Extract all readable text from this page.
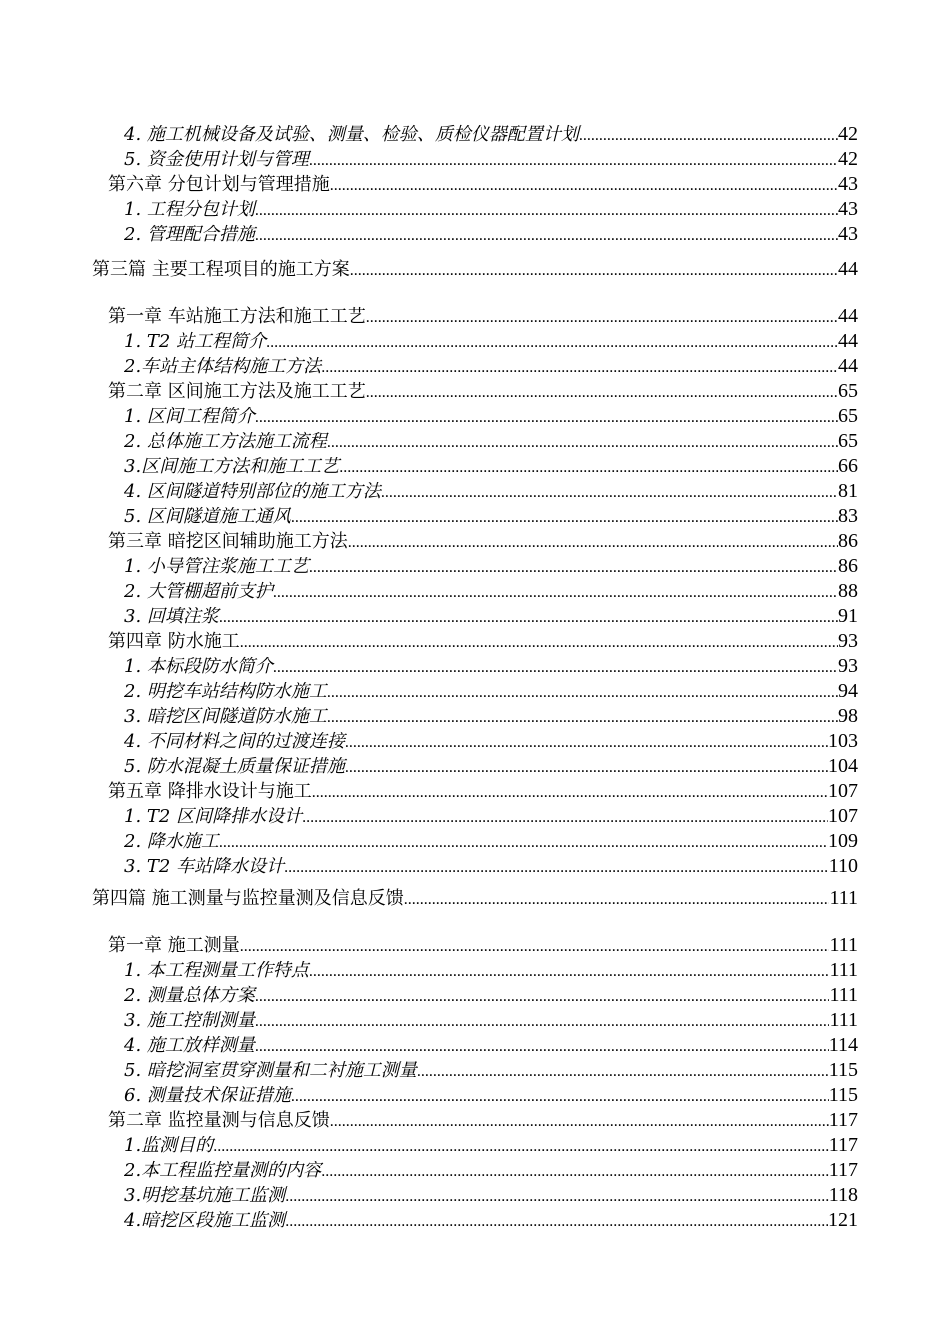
4. 施工机械设备及试验、测量、检验、质检仪器配置计划 .....	42
5. 资金使用计划与管理 .....	42
第六章 分包计划与管理措施 .....	43
1. 工程分包计划 .....	43
2. 管理配合措施 .....	43
第三篇 主要工程项目的施工方案 .....	44
第一章 车站施工方法和施工工艺 .....	44
1. T2 站工程简介 .....	44
2.车站主体结构施工方法 .....	44
第二章 区间施工方法及施工工艺 .....	65
1. 区间工程简介 .....	65
2. 总体施工方法施工流程 .....	65
3.区间施工方法和施工工艺 .....	66
4. 区间隧道特别部位的施工方法 .....	81
5. 区间隧道施工通风 .....	83
第三章 暗挖区间辅助施工方法 .....	86
1. 小导管注浆施工工艺 .....	86
2. 大管棚超前支护 .....	88
3. 回填注浆 .....	91
第四章 防水施工 .....	93
1. 本标段防水简介 .....	93
2. 明挖车站结构防水施工 .....	94
3. 暗挖区间隧道防水施工 .....	98
4. 不同材料之间的过渡连接 .....	103
5. 防水混凝土质量保证措施 .....	104
第五章 降排水设计与施工 .....	107
1. T2 区间降排水设计 .....	107
2. 降水施工 .....	109
3. T2 车站降水设计 .....	110
第四篇 施工测量与监控量测及信息反馈 .....	111
第一章 施工测量 .....	111
1. 本工程测量工作特点 .....	111
2. 测量总体方案 .....	111
3. 施工控制测量 .....	111
4. 施工放样测量 .....	114
5. 暗挖洞室贯穿测量和二衬施工测量 .....	115
6. 测量技术保证措施 .....	115
第二章 监控量测与信息反馈 .....	117
1.监测目的 .....	117
2.本工程监控量测的内容 .....	117
3.明挖基坑施工监测 .....	118
4.暗挖区段施工监测 .....	121
